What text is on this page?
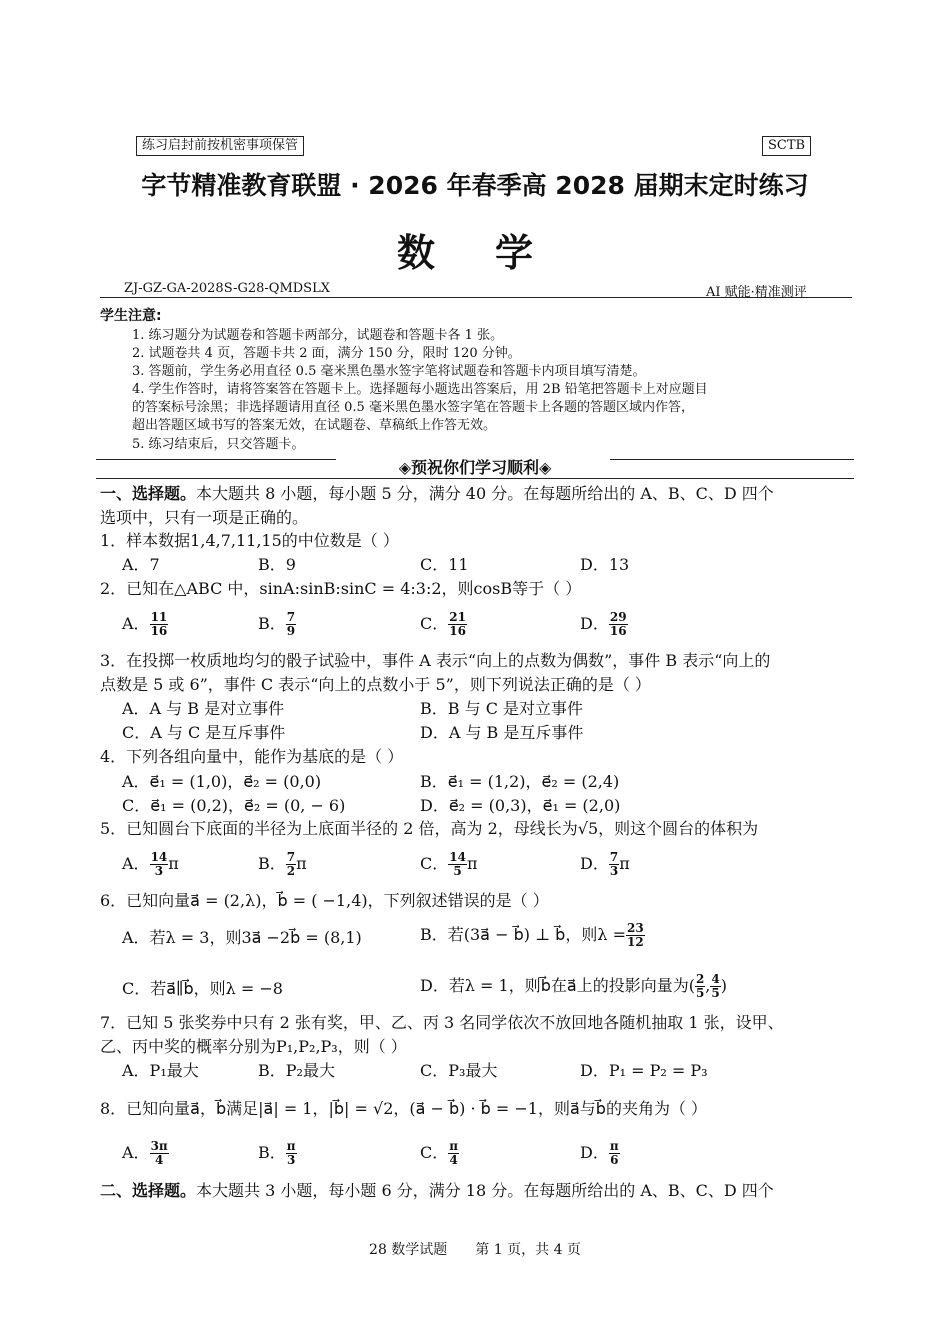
练习启封前按机密事项保管	SCTB
字节精准教育联盟 · 2026 年春季高 2028 届期末定时练习
数学
ZJ-GZ-GA-2028S-G28-QMDSLX	AI 赋能·精准测评
学生注意:
1. 练习题分为试题卷和答题卡两部分，试题卷和答题卡各 1 张。
2. 试题卷共 4 页，答题卡共 2 面，满分 150 分，限时 120 分钟。
3. 答题前，学生务必用直径 0.5 毫米黑色墨水签字笔将试题卷和答题卡内项目填写清楚。
4. 学生作答时，请将答案答在答题卡上。选择题每小题选出答案后，用 2B 铅笔把答题卡上对应题目
的答案标号涂黑；非选择题请用直径 0.5 毫米黑色墨水签字笔在答题卡上各题的答题区域内作答，
超出答题区域书写的答案无效，在试题卷、草稿纸上作答无效。
5. 练习结束后，只交答题卡。
◈预祝你们学习顺利◈
一、选择题。本大题共 8 小题，每小题 5 分，满分 40 分。在每题所给出的 A、B、C、D 四个
选项中，只有一项是正确的。
1．样本数据1,4,7,11,15的中位数是（ ）
A．7	B．9	C．11	D．13
2．已知在△ABC 中，sinA:sinB:sinC = 4:3:2，则cosB等于（ ）
A． $\frac{11}{16}$	B． $\frac{7}{9}$	C． $\frac{21}{16}$	D． $\frac{29}{16}$
3．在投掷一枚质地均匀的骰子试验中，事件 A 表示“向上的点数为偶数”，事件 B 表示“向上的
点数是 5 或 6”，事件 C 表示“向上的点数小于 5”，则下列说法正确的是（ ）
A．A 与 B 是对立事件	B．B 与 C 是对立事件
C．A 与 C 是互斥事件	D．A 与 B 是互斥事件
4．下列各组向量中，能作为基底的是（ ）
A．e⃗₁ = (1,0)，e⃗₂ = (0,0)	B．e⃗₁ = (1,2)，e⃗₂ = (2,4)
C．e⃗₁ = (0,2)，e⃗₂ = (0, − 6)	D．e⃗₂ = (0,3)，e⃗₁ = (2,0)
5．已知圆台下底面的半径为上底面半径的 2 倍，高为 2，母线长为√5，则这个圆台的体积为
A． $\frac{14}{3}$ π	B． $\frac{7}{2}$ π	C． $\frac{14}{5}$ π	D． $\frac{7}{3}$ π
6．已知向量a⃗ = (2,λ)，b⃗ = ( −1,4)，下列叙述错误的是（ ）
A．若λ = 3，则3a⃗ −2b⃗ = (8,1)	B．若(3a⃗ − b⃗) ⊥ b⃗，则$\lambda = \frac{23}{12}$
C．若a⃗∥b⃗，则λ = −8	D．若λ = 1，则b⃗在a⃗上的投影向量为( $\frac{2}{5}$ , $\frac{4}{5}$ )
7．已知 5 张奖券中只有 2 张有奖，甲、乙、丙 3 名同学依次不放回地各随机抽取 1 张，设甲、
乙、丙中奖的概率分别为P₁,P₂,P₃，则（ ）
A．P₁最大	B．P₂最大	C．P₃最大	D．P₁ = P₂ = P₃
8．已知向量a⃗，b⃗满足|a⃗| = 1，|b⃗| = √2，(a⃗ − b⃗) · b⃗ = −1，则a⃗与b⃗的夹角为（ ）
A． $\frac{3\pi}{4}$	B． $\frac{\pi}{3}$	C． $\frac{\pi}{4}$	D． $\frac{\pi}{6}$
二、选择题。本大题共 3 小题，每小题 6 分，满分 18 分。在每题所给出的 A、B、C、D 四个
28 数学试题　　第 1 页，共 4 页
